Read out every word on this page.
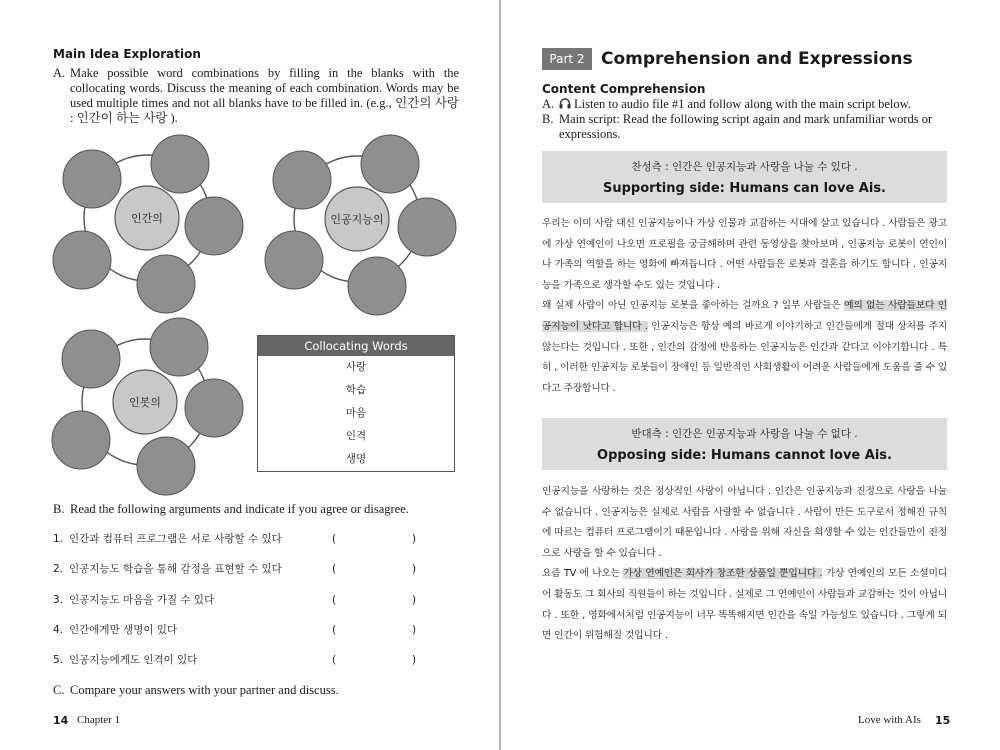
Main Idea Exploration
A. Make possible word combinations by filling in the blanks with the collocating words. Discuss the meaning of each combination. Words may be used multiple times and not all blanks have to be filled in. (e.g., 인간의 사랑 : 인간이 하는 사랑 ).
인간의	인공지능의
인봇의
Collocating Words
사랑
학습
마음
인격
생명
B. Read the following arguments and indicate if you agree or disagree.
1. 인간과 컴퓨터 프로그램은 서로 사랑할 수 있다	(	)
2. 인공지능도 학습을 통해 감정을 표현할 수 있다	(	)
3. 인공지능도 마음을 가질 수 있다	(	)
4. 인간에게만 생명이 있다	(	)
5. 인공지능에게도 인격이 있다	(	)
C. Compare your answers with your partner and discuss.
14 Chapter 1
Part 2 Comprehension and Expressions
Content Comprehension
A.	Listen to audio file #1 and follow along with the main script below.
B. Main script: Read the following script again and mark unfamiliar words or expressions.
찬성측 : 인간은 인공지능과 사랑을 나눌 수 있다 .
Supporting side: Humans can love Ais.
우리는 이미 사람 대신 인공지능이나 가상 인물과 교감하는 시대에 살고 있습니다 . 사람들은 광고에 가상 연예인이 나오면 프로필을 궁금해하며 관련 동영상을 찾아보며 , 인공지능 로봇이 연인이나 가족의 역할을 하는 영화에 빠져듭니다 . 어떤 사람들은 로봇과 결혼을 하기도 합니다 . 인공지능을 가족으로 생각할 수도 있는 것입니다 .
왜 실제 사람이 아닌 인공지능 로봇을 좋아하는 걸까요 ? 일부 사람들은 예의 없는 사람들보다 인공지능이 낫다고 합니다 . 인공지능은 항상 예의 바르게 이야기하고 인간들에게 절대 상처를 주지 않는다는 것입니다 . 또한 , 인간의 감정에 반응하는 인공지능은 인간과 같다고 이야기합니다 . 특히 , 이러한 인공지능 로봇들이 장애인 등 일반적인 사회생활이 어려운 사람들에게 도움을 줄 수 있다고 주장합니다 .
반대측 : 인간은 인공지능과 사랑을 나눌 수 없다 .
Opposing side: Humans cannot love Ais.
인공지능을 사랑하는 것은 정상적인 사랑이 아닙니다 . 인간은 인공지능과 진정으로 사랑을 나눌 수 없습니다 . 인공지능은 실제로 사람을 사랑할 수 없습니다 . 사람이 만든 도구로서 정해진 규칙에 따르는 컴퓨터 프로그램이기 때문입니다 . 사랑을 위해 자신을 희생할 수 있는 인간들만이 진정으로 사랑을 할 수 있습니다 .
요즘 TV 에 나오는 가상 연예인은 회사가 창조한 상품일 뿐입니다 . 가상 연예인의 모든 소셜미디어 활동도 그 회사의 직원들이 하는 것입니다 . 실제로 그 연예인이 사람들과 교감하는 것이 아닙니다 . 또한 , 영화에서처럼 인공지능이 너무 똑똑해지면 인간을 속일 가능성도 있습니다 . 그렇게 되면 인간이 위험해질 것입니다 .
Love with AIs 15
